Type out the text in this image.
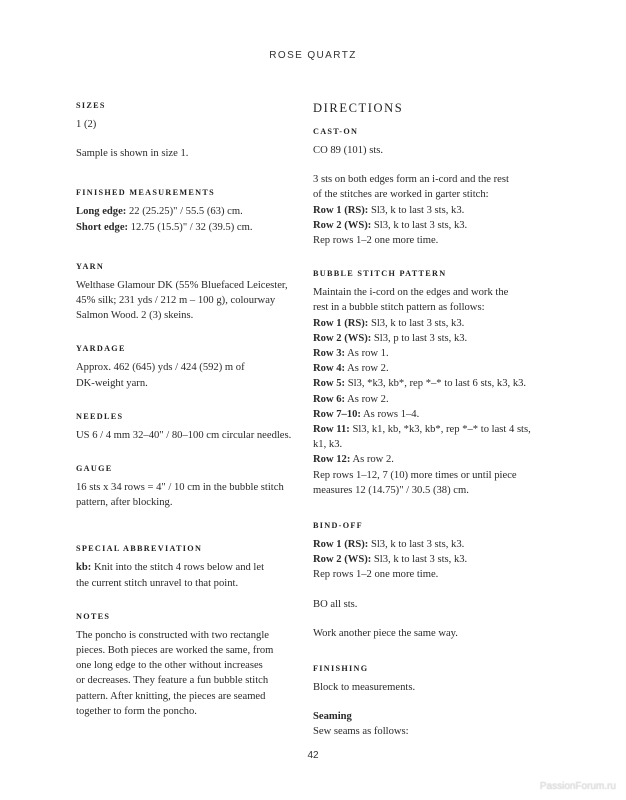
ROSE QUARTZ
SIZES
1 (2)
Sample is shown in size 1.
FINISHED MEASUREMENTS
Long edge: 22 (25.25)" / 55.5 (63) cm.
Short edge: 12.75 (15.5)" / 32 (39.5) cm.
YARN
Welthase Glamour DK (55% Bluefaced Leicester,
45% silk; 231 yds / 212 m – 100 g), colourway
Salmon Wood. 2 (3) skeins.
YARDAGE
Approx. 462 (645) yds / 424 (592) m of
DK-weight yarn.
NEEDLES
US 6 / 4 mm 32–40" / 80–100 cm circular needles.
GAUGE
16 sts x 34 rows = 4" / 10 cm in the bubble stitch
pattern, after blocking.
SPECIAL ABBREVIATION
kb: Knit into the stitch 4 rows below and let
the current stitch unravel to that point.
NOTES
The poncho is constructed with two rectangle
pieces. Both pieces are worked the same, from
one long edge to the other without increases
or decreases. They feature a fun bubble stitch
pattern. After knitting, the pieces are seamed
together to form the poncho.
DIRECTIONS
CAST-ON
CO 89 (101) sts.
3 sts on both edges form an i-cord and the rest
of the stitches are worked in garter stitch:
Row 1 (RS): Sl3, k to last 3 sts, k3.
Row 2 (WS): Sl3, k to last 3 sts, k3.
Rep rows 1–2 one more time.
BUBBLE STITCH PATTERN
Maintain the i-cord on the edges and work the
rest in a bubble stitch pattern as follows:
Row 1 (RS): Sl3, k to last 3 sts, k3.
Row 2 (WS): Sl3, p to last 3 sts, k3.
Row 3: As row 1.
Row 4: As row 2.
Row 5: Sl3, *k3, kb*, rep *–* to last 6 sts, k3, k3.
Row 6: As row 2.
Row 7–10: As rows 1–4.
Row 11: Sl3, k1, kb, *k3, kb*, rep *–* to last 4 sts,
k1, k3.
Row 12: As row 2.
Rep rows 1–12, 7 (10) more times or until piece
measures 12 (14.75)" / 30.5 (38) cm.
BIND-OFF
Row 1 (RS): Sl3, k to last 3 sts, k3.
Row 2 (WS): Sl3, k to last 3 sts, k3.
Rep rows 1–2 one more time.
BO all sts.
Work another piece the same way.
FINISHING
Block to measurements.
Seaming
Sew seams as follows:
42
PassionForum.ru
